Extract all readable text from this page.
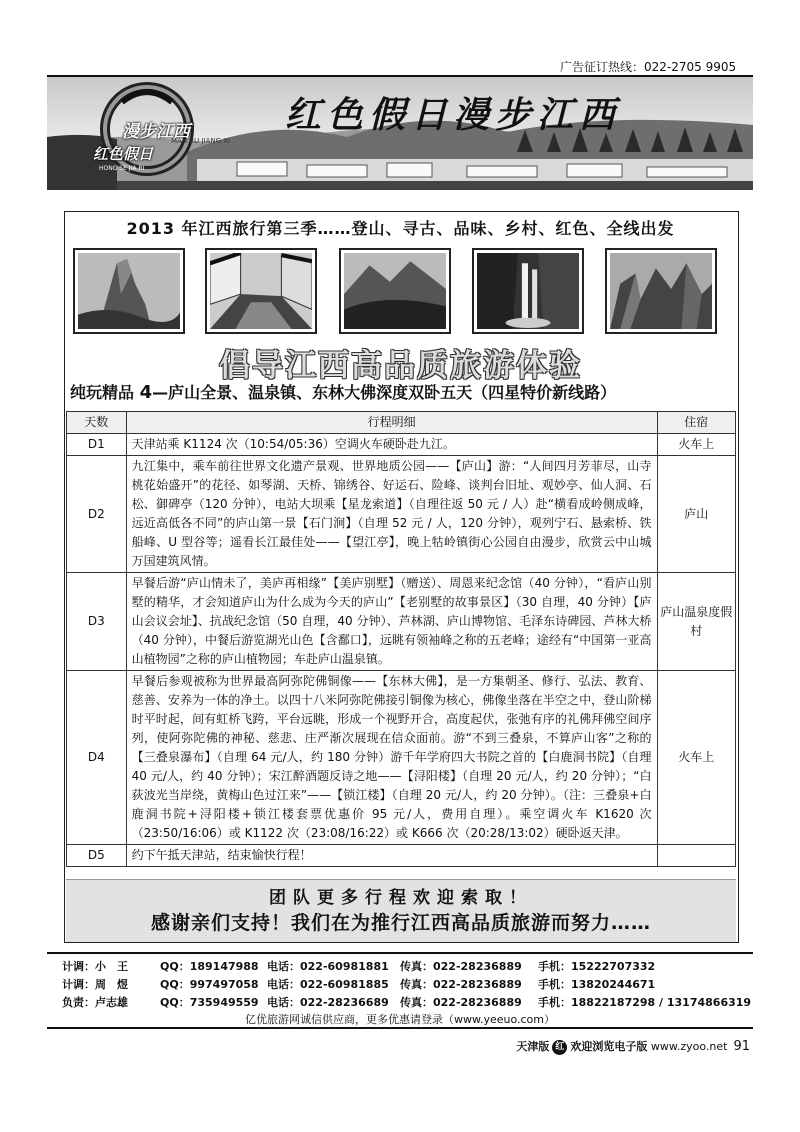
广告征订热线：022-2705 9905
漫步江西
MAN BU JIANG XI
红色假日
HONG SE JIA RI
红色假日漫步江西
2013 年江西旅行第三季……登山、寻古、品味、乡村、红色、全线出发
倡导江西高品质旅游体验
纯玩精品 4—庐山全景、温泉镇、东林大佛深度双卧五天（四星特价新线路）
天数	行程明细	住宿
D1	天津站乘 K1124 次（10:54/05:36）空调火车硬卧赴九江。	火车上
D2	九江集中，乘车前往世界文化遗产景观、世界地质公园——【庐山】游：“人间四月芳菲尽，山寺桃花始盛开”的花径、如琴湖、天桥、锦绣谷、好运石、险峰、谈判台旧址、观妙亭、仙人洞、石松、御碑亭（120 分钟），电站大坝乘【星龙索道】（自理往返 50 元 / 人）赴“横看成岭侧成峰，远近高低各不同”的庐山第一景【石门涧】（自理 52 元 / 人，120 分钟），观列宁石、悬索桥、铁船峰、U 型谷等；遥看长江最佳处——【望江亭】，晚上牯岭镇街心公园自由漫步，欣赏云中山城万国建筑风情。	庐山
D3	早餐后游“庐山情未了，美庐再相缘”【美庐别墅】（赠送）、周恩来纪念馆（40 分钟），“看庐山别墅的精华，才会知道庐山为什么成为今天的庐山”【老别墅的故事景区】（30 自理，40 分钟）【庐山会议会址】、抗战纪念馆（50 自理，40 分钟）、芦林湖、庐山博物馆、毛泽东诗碑园、芦林大桥（40 分钟），中餐后游览湖光山色【含鄱口】，远眺有领袖峰之称的五老峰；途经有“中国第一亚高山植物园”之称的庐山植物园；车赴庐山温泉镇。	庐山温泉度假村
D4	早餐后参观被称为世界最高阿弥陀佛铜像——【东林大佛】，是一方集朝圣、修行、弘法、教育、慈善、安养为一体的净土。以四十八米阿弥陀佛接引铜像为核心，佛像坐落在半空之中，登山阶梯时平时起，间有虹桥飞跨，平台远眺，形成一个视野开合，高度起伏，张弛有序的礼佛拜佛空间序列，使阿弥陀佛的神秘、慈悲、庄严渐次展现在信众面前。游“不到三叠泉，不算庐山客”之称的【三叠泉瀑布】（自理 64 元/人，约 180 分钟）游千年学府四大书院之首的【白鹿洞书院】（自理 40 元/人，约 40 分钟）；宋江醉酒题反诗之地——【浔阳楼】（自理 20 元/人，约 20 分钟）；“白荻波光当岸绕，黄梅山色过江来”——【锁江楼】（自理 20 元/人，约 20 分钟）。（注：三叠泉+白鹿洞书院+浔阳楼+锁江楼套票优惠价 95 元/人，费用自理）。乘空调火车 K1620 次（23:50/16:06）或 K1122 次（23:08/16:22）或 K666 次（20:28/13:02）硬卧返天津。	火车上
D5	约下午抵天津站，结束愉快行程！	
团队更多行程欢迎索取！
感谢亲们支持！我们在为推行江西高品质旅游而努力……
计调：小　王	QQ：189147988 电话：022-60981881 传真：022-28236889 手机：15222707332
计调：周　煜	QQ：997497058 电话：022-60981885 传真：022-28236889 手机：13820244671
负责：卢志雄	QQ：735949559 电话：022-28236689 传真：022-28236889 手机：18822187298 / 13174866319
亿优旅游网诚信供应商，更多优惠请登录（www.yeeuo.com）
天津版 红 欢迎浏览电子版 www.zyoo.net 91
